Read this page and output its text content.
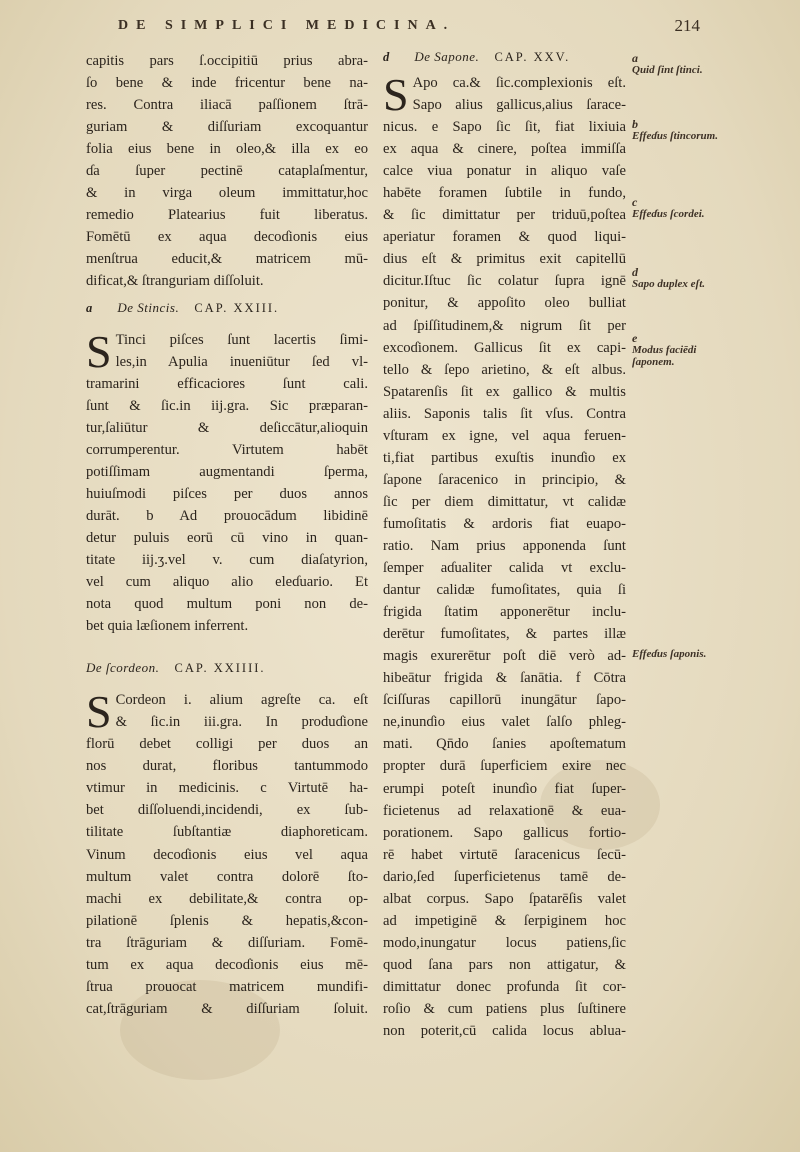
DE SIMPLICI MEDICINA.	214

capitis pars ſ.occipitiū prius abra-

ſo bene & inde fricentur bene na-

res. Contra iliacā paſſionem ſtrā-

guriam & diſſuriam excoquantur

folia eius bene in oleo,& illa ex eo

ɗa ſuper pectinē cataplaſmentur,

& in virga oleum immittatur,hoc

remedio Platearius fuit liberatus.

Fomētū ex aqua decoɗionis eius

menſtrua educit,& matricem mū-

dificat,& ſtranguriam diſſoluit.

a De Stincis. CAP. XXIII.
S Tinci piſces ſunt lacertis ſimi-

les,in Apulia inueniūtur ſed vl-

tramarini efficaciores ſunt cali.

ſunt & ſic.in iij.gra. Sic præparan-

tur,ſaliūtur & deſiccātur,alioquin

corrumperentur. Virtutem habēt

potiſſimam augmentandi ſperma,

huiuſmodi piſces per duos annos

durāt. b Ad prouocādum libidinē

detur puluis eorū cū vino in quan-

titate iij.ʒ.vel v. cum diaſatyrion,

vel cum aliquo alio eleɗuario. Et

nota quod multum poni non de-

bet quia læſionem inferrent.

De ſcordeon. CAP. XXIIII.
S Cordeon i. alium agreſte ca. eſt

& ſic.in iii.gra. In produɗione

florū debet colligi per duos an

nos durat, floribus tantummodo

vtimur in medicinis. c Virtutē ha-

bet diſſoluendi,incidendi, ex ſub-

tilitate ſubſtantiæ diaphoreticam.

Vinum decoɗionis eius vel aqua

multum valet contra dolorē ſto-

machi ex debilitate,& contra op-

pilationē ſplenis & hepatis,&con-

tra ſtrāguriam & diſſuriam. Fomē-

tum ex aqua decoɗionis eius mē-

ſtrua prouocat matricem mundifi-

cat,ſtrāguriam & diſſuriam ſoluit.

d De Sapone. CAP. XXV.
S Apo ca.& ſic.complexionis eſt.

Sapo alius gallicus,alius ſarace-

nicus. e Sapo ſic ſit, fiat lixiuia

ex aqua & cinere, poſtea immiſſa

calce viua ponatur in aliquo vaſe

habēte foramen ſubtile in fundo,

& ſic dimittatur per triduū,poſtea

aperiatur foramen & quod liqui-

dius eſt & primitus exit capitellū

dicitur.Iſtuc ſic colatur ſupra ignē

ponitur, & appoſito oleo bulliat

ad ſpiſſitudinem,& nigrum ſit per

excoɗionem. Gallicus ſit ex capi-

tello & ſepo arietino, & eſt albus.

Spatarenſis ſit ex gallico & multis

aliis. Saponis talis ſit vſus. Contra

vſturam ex igne, vel aqua feruen-

ti,fiat partibus exuſtis inunɗio ex

ſapone ſaracenico in principio, &

ſic per diem dimittatur, vt calidæ

fumoſitatis & ardoris fiat euapo-

ratio. Nam prius apponenda ſunt

ſemper aɗualiter calida vt exclu-

dantur calidæ fumoſitates, quia ſi

frigida ſtatim apponerētur inclu-

derētur fumoſitates, & partes illæ

magis exurerētur poſt diē verò ad-

hibeātur frigida & ſanātia. f Cōtra

ſciſſuras capillorū inungātur ſapo-

ne,inunɗio eius valet ſalſo phleg-

mati. Qn̄do ſanies apoſtematum

propter durā ſuperficiem exire nec

erumpi poteſt inunɗio fiat ſuper-

ficietenus ad relaxationē & eua-

porationem. Sapo gallicus fortio-

rē habet virtutē ſaracenicus ſecū-

dario,ſed ſuperficietenus tamē de-

albat corpus. Sapo ſpatarēſis valet

ad impetiginē & ſerpiginem hoc

modo,inungatur locus patiens,ſic

quod ſana pars non attigatur, &

dimittatur donec profunda ſit cor-

roſio & cum patiens plus ſuſtinere

non poterit,cū calida locus ablua-

a
Quid ſint ſtinci.
b
Effeɗus ſtincorum.
c
Effeɗus ſcordei.
d
Sapo duplex eſt.
e
Modus faciēdi ſaponem.
Effeɗus ſaponis.
